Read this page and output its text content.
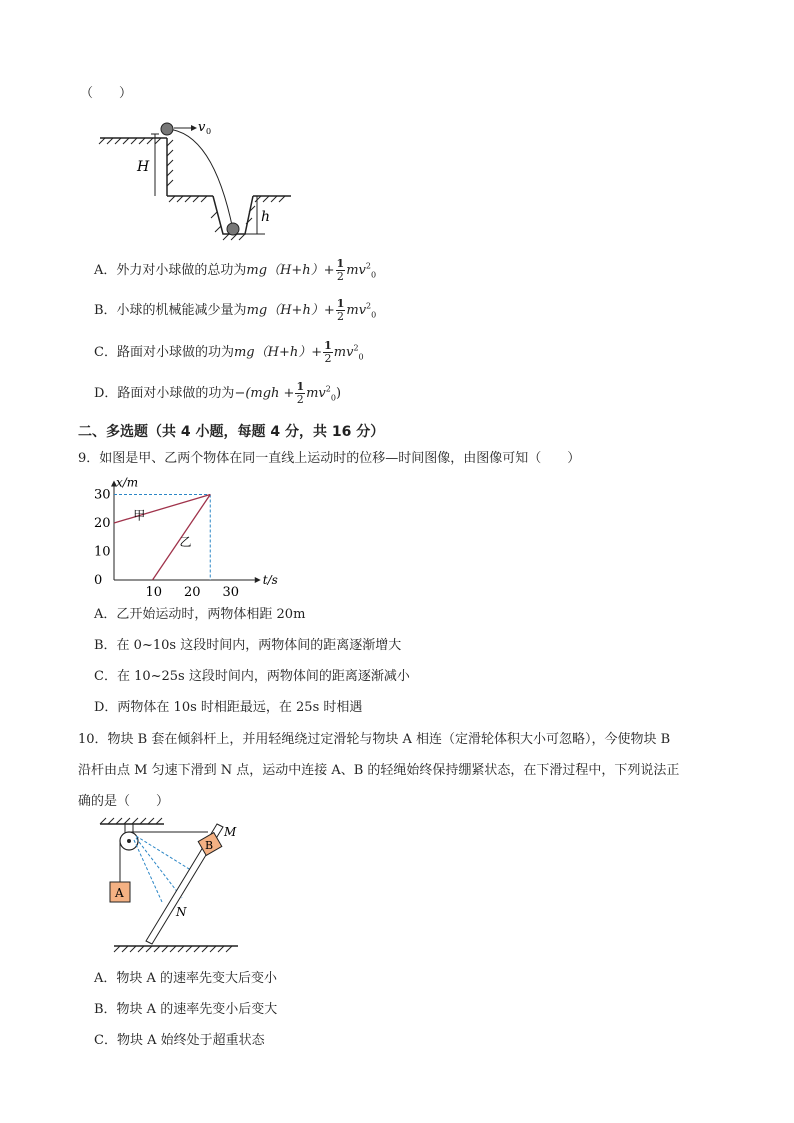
（　　）
v 0
H
h
A．外力对小球做的总功为$mg(H+h)+ \frac{1}{2} mv^2_0$
B．小球的机械能减少量为$mg(H+h)+ \frac{1}{2} mv^2_0$
C．路面对小球做的功为$mg(H+h)+ \frac{1}{2} mv^2_0$
D．路面对小球做的功为$-(mgh + \frac{1}{2} mv^2_0)$
二、多选题（共 4 小题，每题 4 分，共 16 分）
9．如图是甲、乙两个物体在同一直线上运动时的位移—时间图像，由图像可知（　　）
0
10
20
30
10 20 30
x/m
t/s
甲
乙
A．乙开始运动时，两物体相距 20m
B．在 0~10s 这段时间内，两物体间的距离逐渐增大
C．在 10~25s 这段时间内，两物体间的距离逐渐减小
D．两物体在 10s 时相距最远，在 25s 时相遇
10．物块 B 套在倾斜杆上，并用轻绳绕过定滑轮与物块 A 相连（定滑轮体积大小可忽略），今使物块 B
沿杆由点 M 匀速下滑到 N 点，运动中连接 A、B 的轻绳始终保持绷紧状态，在下滑过程中，下列说法正
确的是（　　）
A
B
M
N
A．物块 A 的速率先变大后变小
B．物块 A 的速率先变小后变大
C．物块 A 始终处于超重状态
